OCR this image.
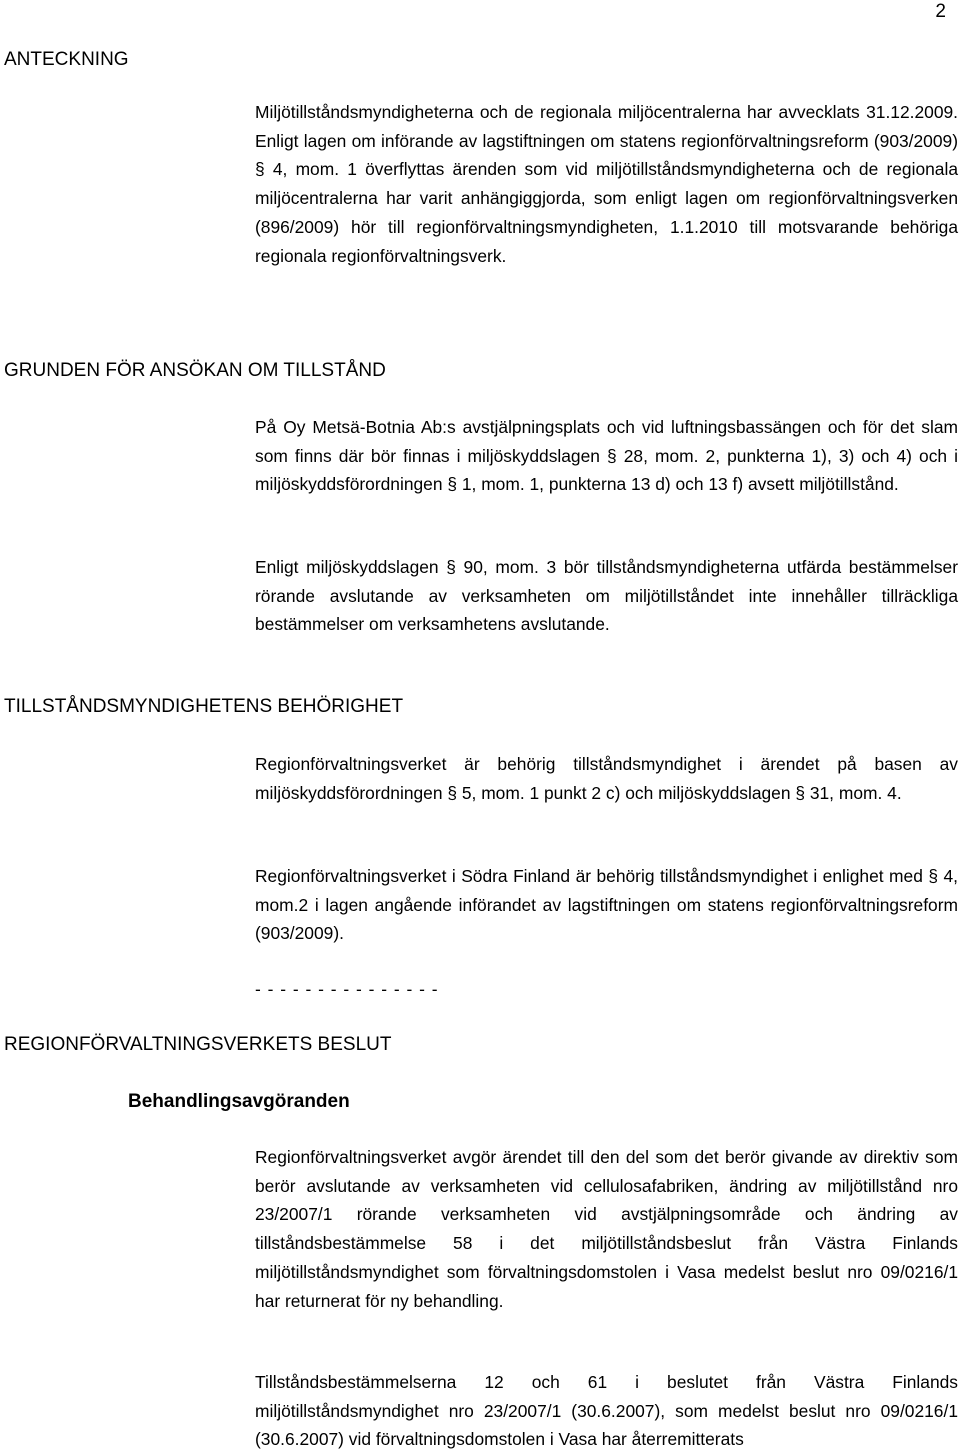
2
ANTECKNING

Miljötillståndsmyndigheterna och de regionala miljöcentralerna har avvecklats 31.12.2009. Enligt lagen om införande av lagstiftningen om statens regionförvaltningsreform (903/2009) § 4, mom. 1 överflyttas ärenden som vid miljötillståndsmyndigheterna och de regionala miljöcentralerna har varit anhängiggjorda, som enligt lagen om regionförvaltningsverken (896/2009) hör till regionförvaltningsmyndigheten, 1.1.2010 till motsvarande behöriga regionala regionförvaltningsverk.

GRUNDEN FÖR ANSÖKAN OM TILLSTÅND

På Oy Metsä-Botnia Ab:s avstjälpningsplats och vid luftningsbassängen och för det slam som finns där bör finnas i miljöskyddslagen § 28, mom. 2, punkterna 1), 3) och 4) och i miljöskyddsförordningen § 1, mom. 1, punkterna 13 d) och 13 f) avsett miljötillstånd.

Enligt miljöskyddslagen § 90, mom. 3 bör tillståndsmyndigheterna utfärda bestämmelser rörande avslutande av verksamheten om miljötillståndet inte innehåller tillräckliga bestämmelser om verksamhetens avslutande.

TILLSTÅNDSMYNDIGHETENS BEHÖRIGHET

Regionförvaltningsverket är behörig tillståndsmyndighet i ärendet på basen av miljöskyddsförordningen § 5, mom. 1 punkt 2 c) och miljöskyddslagen § 31, mom. 4.

Regionförvaltningsverket i Södra Finland är behörig tillståndsmyndighet i enlighet med § 4, mom.2 i lagen angående införandet av lagstiftningen om statens regionförvaltningsreform (903/2009).

- - - - - - - - - - - - - - -
REGIONFÖRVALTNINGSVERKETS BESLUT
Behandlingsavgöranden

Regionförvaltningsverket avgör ärendet till den del som det berör givande av direktiv som berör avslutande av verksamheten vid cellulosafabriken, ändring av miljötillstånd nro 23/2007/1 rörande verksamheten vid avstjälpningsområde och ändring av tillståndsbestämmelse 58 i det miljötillståndsbeslut från Västra Finlands miljötillståndsmyndighet som förvaltningsdomstolen i Vasa medelst beslut nro 09/0216/1 har returnerat för ny behandling.

Tillståndsbestämmelserna 12 och 61 i beslutet från Västra Finlands miljötillståndsmyndighet nro 23/2007/1 (30.6.2007), som medelst beslut nro 09/0216/1 (30.6.2007) vid förvaltningsdomstolen i Vasa har återremitterats
